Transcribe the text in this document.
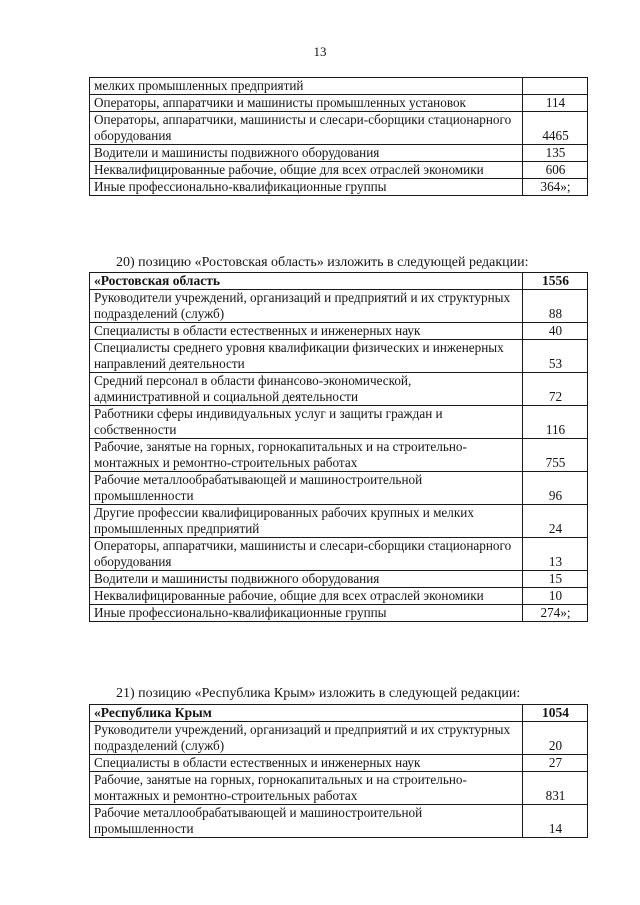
13
мелких промышленных предприятий	
Операторы, аппаратчики и машинисты промышленных установок	114
Операторы, аппаратчики, машинисты и слесари-сборщики стационарного оборудования	4465
Водители и машинисты подвижного оборудования	135
Неквалифицированные рабочие, общие для всех отраслей экономики	606
Иные профессионально-квалификационные группы	364»;
20) позицию «Ростовская область» изложить в следующей редакции:
«Ростовская область	1556
Руководители учреждений, организаций и предприятий и их структурных подразделений (служб)	88
Специалисты в области естественных и инженерных наук	40
Специалисты среднего уровня квалификации физических и инженерных направлений деятельности	53
Средний персонал в области финансово-экономической, административной и социальной деятельности	72
Работники сферы индивидуальных услуг и защиты граждан и собственности	116
Рабочие, занятые на горных, горнокапитальных и на строительно-монтажных и ремонтно-строительных работах	755
Рабочие металлообрабатывающей и машиностроительной промышленности	96
Другие профессии квалифицированных рабочих крупных и мелких промышленных предприятий	24
Операторы, аппаратчики, машинисты и слесари-сборщики стационарного оборудования	13
Водители и машинисты подвижного оборудования	15
Неквалифицированные рабочие, общие для всех отраслей экономики	10
Иные профессионально-квалификационные группы	274»;
21) позицию «Республика Крым» изложить в следующей редакции:
«Республика Крым	1054
Руководители учреждений, организаций и предприятий и их структурных подразделений (служб)	20
Специалисты в области естественных и инженерных наук	27
Рабочие, занятые на горных, горнокапитальных и на строительно-монтажных и ремонтно-строительных работах	831
Рабочие металлообрабатывающей и машиностроительной промышленности	14
